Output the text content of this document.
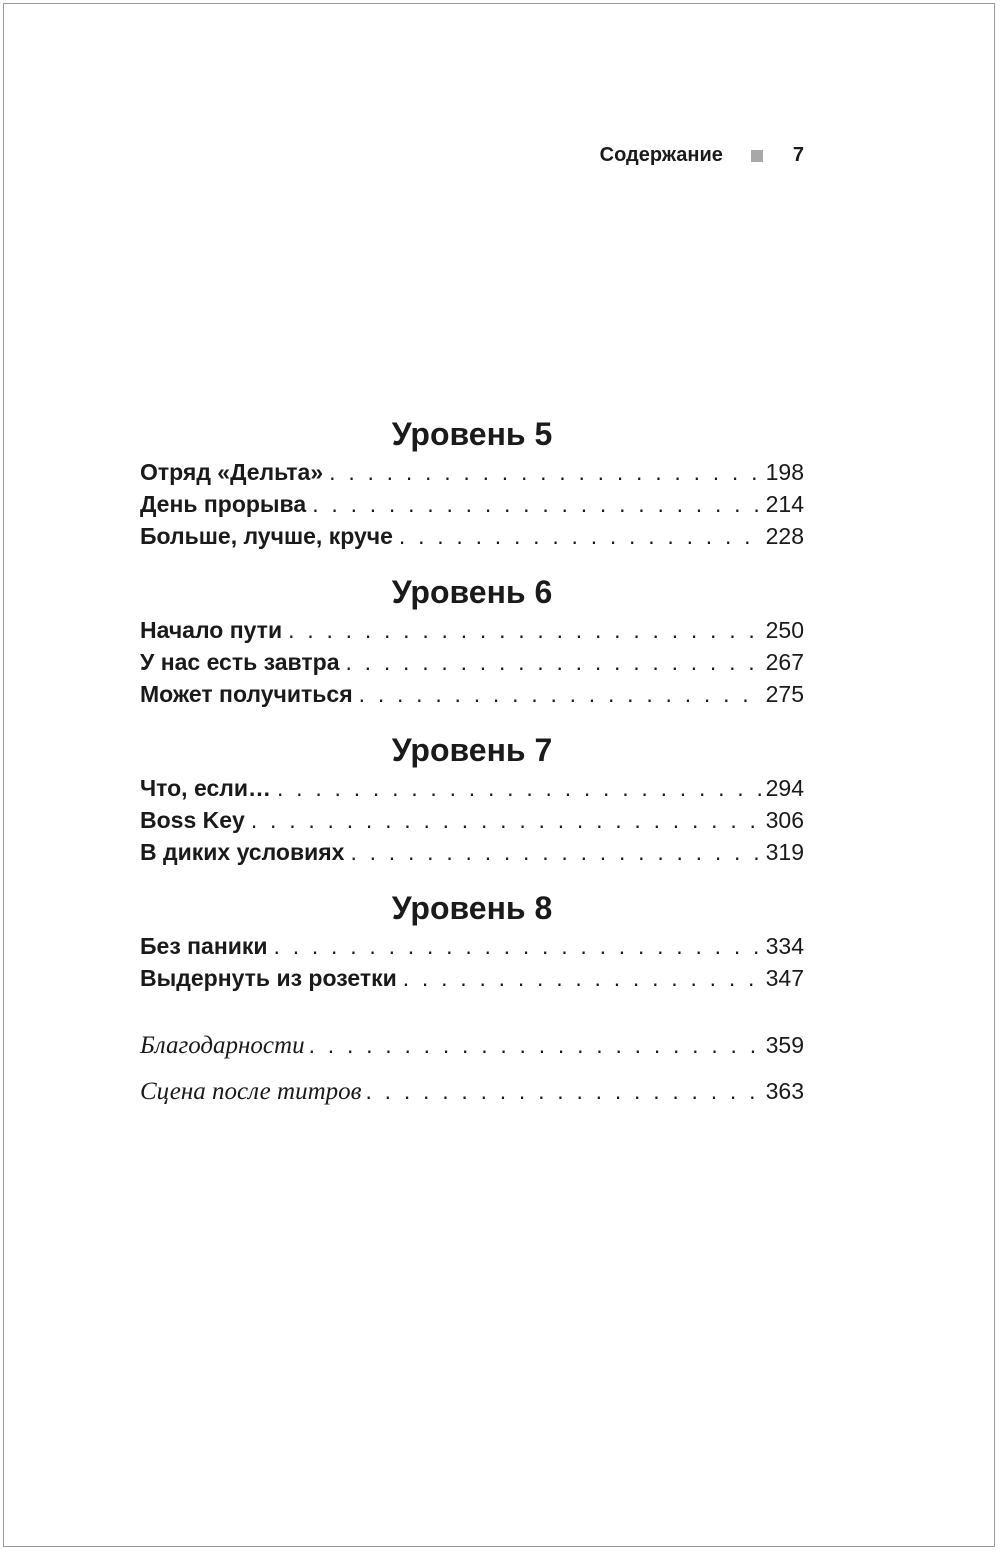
Содержание	7
Уровень 5
Отряд «Дельта» . . .	198
День прорыва . . .	214
Больше, лучше, круче . . .	228
Уровень 6
Начало пути . . .	250
У нас есть завтра . . .	267
Может получиться . . .	275
Уровень 7
Что, если… . . .	294
Boss Key . . .	306
В диких условиях . . .	319
Уровень 8
Без паники . . .	334
Выдернуть из розетки . . .	347
Благодарности . . .	359
Сцена после титров . . .	363
